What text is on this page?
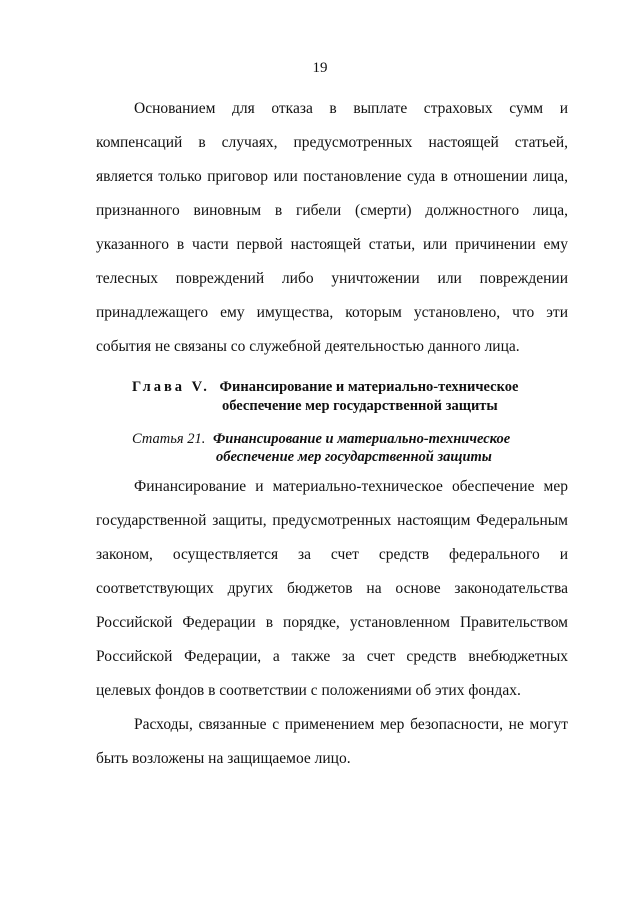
19

Основанием для отказа в выплате страховых сумм и компенсаций в случаях, предусмотренных настоящей статьей, является только приговор или постановление суда в отношении лица, признанного виновным в гибели (смерти) должностного лица, указанного в части первой настоящей статьи, или причинении ему телесных повреждений либо уничтожении или повреждении принадлежащего ему имущества, которым установлено, что эти события не связаны со служебной деятельностью данного лица.

Глава V. Финансирование и материально-техническое
обеспечение мер государственной защиты
Статья 21. Финансирование и материально-техническое
обеспечение мер государственной защиты

Финансирование и материально-техническое обеспечение мер государственной защиты, предусмотренных настоящим Федеральным законом, осуществляется за счет средств федерального и соответствующих других бюджетов на основе законодательства Российской Федерации в порядке, установленном Правительством Российской Федерации, а также за счет средств внебюджетных целевых фондов в соответствии с положениями об этих фондах.

Расходы, связанные с применением мер безопасности, не могут быть возложены на защищаемое лицо.
